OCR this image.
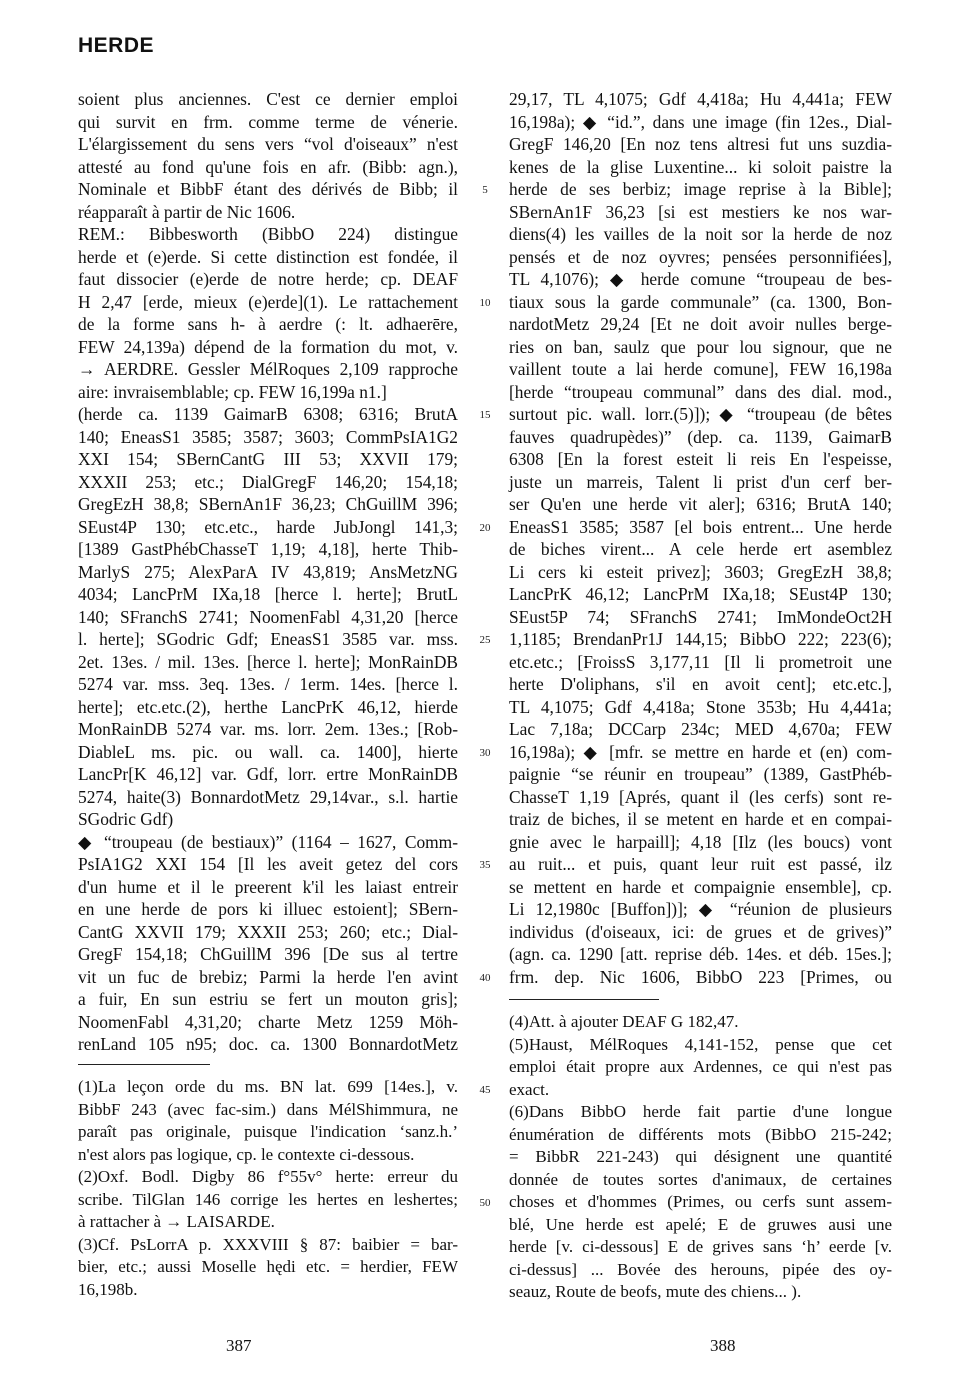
HERDE
soient plus anciennes. C'est ce dernier emploi
qui survit en frm. comme terme de vénerie.
L'élargissement du sens vers “vol d'oiseaux” n'est
attesté au fond qu'une fois en afr. (Bibb: agn.),
Nominale et BibbF étant des dérivés de Bibb; il
réapparaît à partir de Nic 1606.
REM.: Bibbesworth (BibbO 224) distingue
herde et (e)erde. Si cette distinction est fondée, il
faut dissocier (e)erde de notre herde; cp. DEAF
H 2,47 [erde, mieux (e)erde](1). Le rattachement
de la forme sans h- à aerdre (: lt. adhaerēre,
FEW 24,139a) dépend de la formation du mot, v.
→ AERDRE. Gessler MélRoques 2,109 rapproche
aire: invraisemblable; cp. FEW 16,199a n1.]
(herde ca. 1139 GaimarB 6308; 6316; BrutA
140; EneasS1 3585; 3587; 3603; CommPsIA1G2
XXI 154; SBernCantG III 53; XXVII 179;
XXXII 253; etc.; DialGregF 146,20; 154,18;
GregEzH 38,8; SBernAn1F 36,23; ChGuillM 396;
SEust4P 130; etc.etc., harde JubJongl 141,3;
[1389 GastPhébChasseT 1,19; 4,18], herte Thib-
MarlyS 275; AlexParA IV 43,819; AnsMetzNG
4034; LancPrM IXa,18 [herce l. herte]; BrutL
140; SFranchS 2741; NoomenFabl 4,31,20 [herce
l. herte]; SGodric Gdf; EneasS1 3585 var. mss.
2et. 13es. / mil. 13es. [herce l. herte]; MonRainDB
5274 var. mss. 3eq. 13es. / 1erm. 14es. [herce l.
herte]; etc.etc.(2), herthe LancPrK 46,12, hierde
MonRainDB 5274 var. ms. lorr. 2em. 13es.; [Rob-
DiableL ms. pic. ou wall. ca. 1400], hierte
LancPr[K 46,12] var. Gdf, lorr. ertre MonRainDB
5274, haite(3) BonnardotMetz 29,14var., s.l. hartie
SGodric Gdf)
◆ “troupeau (de bestiaux)” (1164 – 1627, Comm-
PsIA1G2 XXI 154 [Il les aveit getez del cors
d'un hume et il le preerent k'il les laiast entreir
en une herde de pors ki illuec estoient]; SBern-
CantG XXVII 179; XXXII 253; 260; etc.; Dial-
GregF 154,18; ChGuillM 396 [De sus al tertre
vit un fuc de brebiz; Parmi la herde l'en avint
a fuir, En sun estriu se fert un mouton gris];
NoomenFabl 4,31,20; charte Metz 1259 Möh-
renLand 105 n95; doc. ca. 1300 BonnardotMetz
5
10
15
20
25
30
35
40
45
50
29,17, TL 4,1075; Gdf 4,418a; Hu 4,441a; FEW
16,198a); ◆ “id.”, dans une image (fin 12es., Dial-
GregF 146,20 [En noz tens altresi fut uns suzdia-
kenes de la glise Luxentine... ki soloit paistre la
herde de ses berbiz; image reprise à la Bible];
SBernAn1F 36,23 [si est mestiers ke nos war-
diens(4) les vailles de la noit sor la herde de noz
pensés et de noz oyvres; pensées personnifiées],
TL 4,1076); ◆ herde comune “troupeau de bes-
tiaux sous la garde communale” (ca. 1300, Bon-
nardotMetz 29,24 [Et ne doit avoir nulles berge-
ries on ban, saulz que pour lou signour, que ne
vaillent toute a lai herde comune], FEW 16,198a
[herde “troupeau communal” dans des dial. mod.,
surtout pic. wall. lorr.(5)]); ◆ “troupeau (de bêtes
fauves quadrupèdes)” (dep. ca. 1139, GaimarB
6308 [En la forest esteit li reis En l'espeisse,
juste un marreis, Talent li prist d'un cerf ber-
ser Qu'en une herde vit aler]; 6316; BrutA 140;
EneasS1 3585; 3587 [el bois entrent... Une herde
de biches virent... A cele herde ert asemblez
Li cers ki esteit privez]; 3603; GregEzH 38,8;
LancPrK 46,12; LancPrM IXa,18; SEust4P 130;
SEust5P 74; SFranchS 2741; ImMondeOct2H
1,1185; BrendanPr1J 144,15; BibbO 222; 223(6);
etc.etc.; [FroissS 3,177,11 [Il li prometroit une
herte D'oliphans, s'il en avoit cent]; etc.etc.],
TL 4,1075; Gdf 4,418a; Stone 353b; Hu 4,441a;
Lac 7,18a; DCCarp 234c; MED 4,670a; FEW
16,198a); ◆ [mfr. se mettre en harde et (en) com-
paignie “se réunir en troupeau” (1389, GastPhéb-
ChasseT 1,19 [Aprés, quant il (les cerfs) sont re-
traiz de biches, il se metent en harde et en compai-
gnie avec le harpaill]; 4,18 [Ilz (les boucs) vont
au ruit... et puis, quant leur ruit est passé, ilz
se mettent en harde et compaignie ensemble], cp.
Li 12,1980c [Buffon])]; ◆ “réunion de plusieurs
individus (d'oiseaux, ici: de grues et de grives)”
(agn. ca. 1290 [att. reprise déb. 14es. et déb. 15es.];
frm. dep. Nic 1606, BibbO 223 [Primes, ou
(1)La leçon orde du ms. BN lat. 699 [14es.], v.
BibbF 243 (avec fac-sim.) dans MélShimmura, ne
paraît pas originale, puisque l'indication ‘sanz.h.’
n'est alors pas logique, cp. le contexte ci-dessous.
(2)Oxf. Bodl. Digby 86 f°55v° herte: erreur du
scribe. TilGlan 146 corrige les hertes en leshertes;
à rattacher à → LAISARDE.
(3)Cf. PsLorrA p. XXXVIII § 87: baibier = bar-
bier, etc.; aussi Moselle hędi etc. = herdier, FEW
16,198b.
(4)Att. à ajouter DEAF G 182,47.
(5)Haust, MélRoques 4,141-152, pense que cet
emploi était propre aux Ardennes, ce qui n'est pas
exact.
(6)Dans BibbO herde fait partie d'une longue
énumération de différents mots (BibbO 215-242;
= BibbR 221-243) qui désignent une quantité
donnée de toutes sortes d'animaux, de certaines
choses et d'hommes (Primes, ou cerfs sunt assem-
blé, Une herde est apelé; E de gruwes ausi une
herde [v. ci-dessous] E de grives sans ‘h’ eerde [v.
ci-dessus] ... Bovée des herouns, pipée des oy-
seauz, Route de beofs, mute des chiens... ).
387	388
